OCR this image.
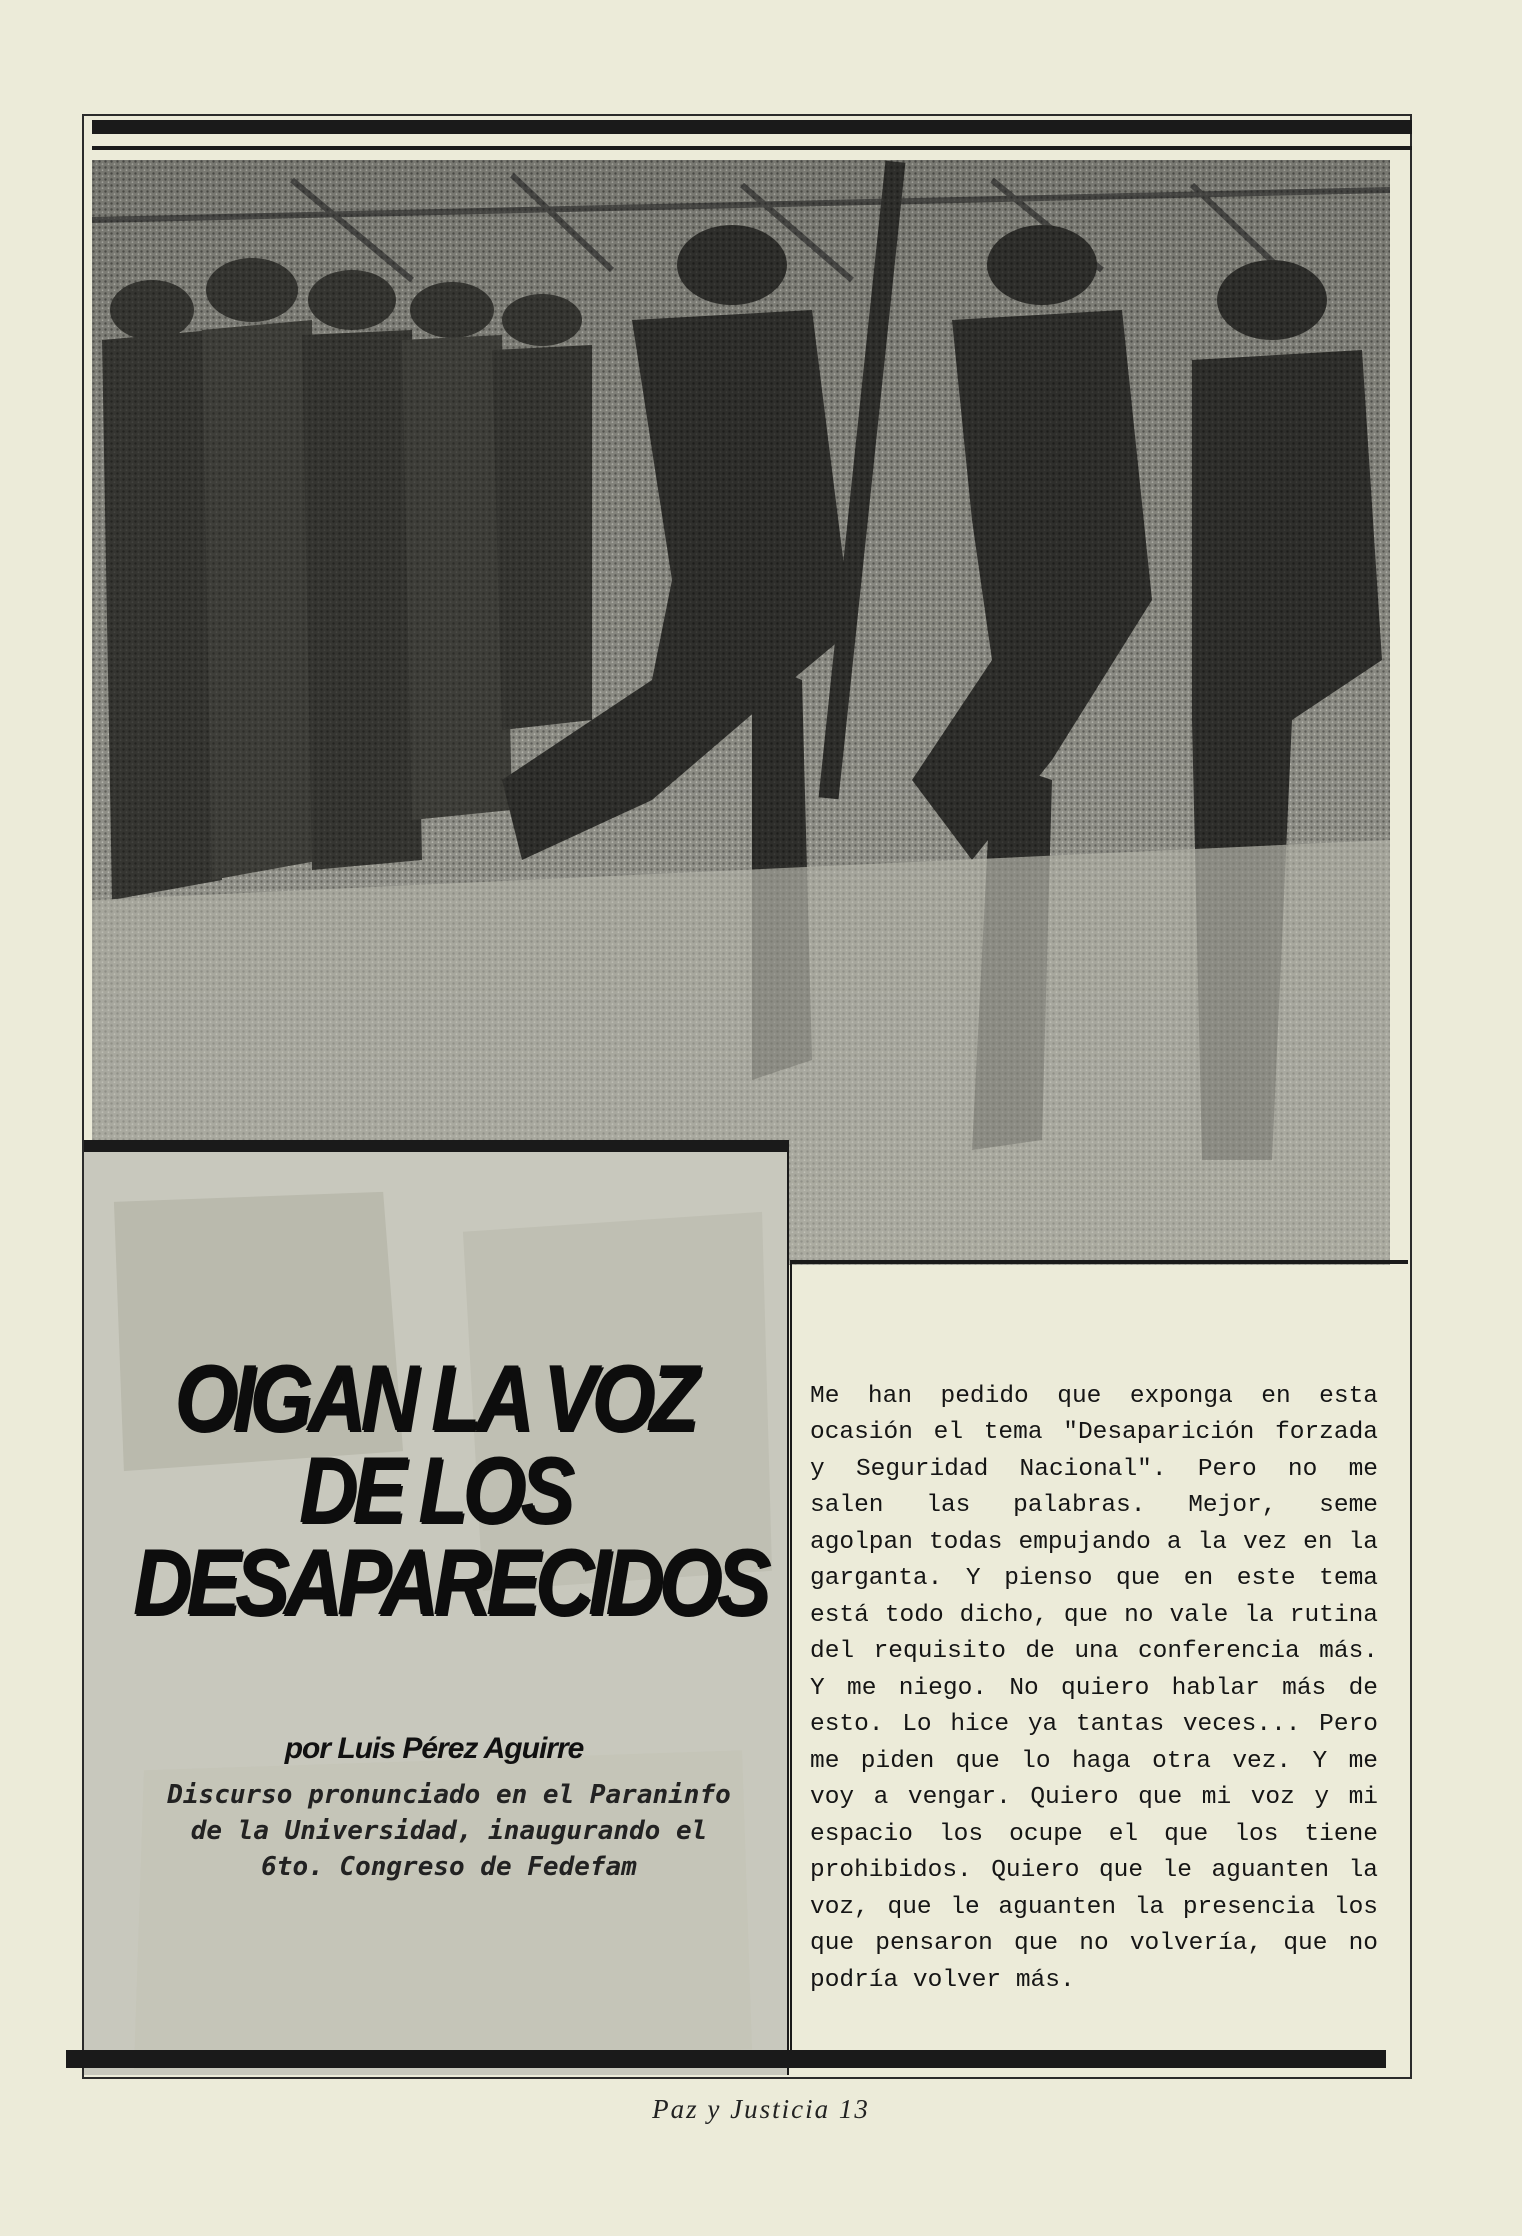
OIGAN LA VOZ
DE LOS
DESAPARECIDOS
por Luis Pérez Aguirre
Discurso pronunciado en el Paraninfo de la Universidad, inaugurando el 6to. Congreso de Fedefam

Me han pedido que exponga en esta ocasión el tema "Desaparición forzada y Seguridad Nacional". Pero no me salen las palabras. Mejor, seme agolpan todas empujando a la vez en la garganta. Y pienso que en este tema está todo dicho, que no vale la rutina del requisito de una conferencia más. Y me niego. No quiero hablar más de esto. Lo hice ya tantas veces... Pero me piden que lo haga otra vez. Y me voy a vengar. Quiero que mi voz y mi espacio los ocupe el que los tiene prohibidos. Quiero que le aguanten la voz, que le aguanten la presencia los que pensaron que no volvería, que no podría volver más.

Paz y Justicia 13
